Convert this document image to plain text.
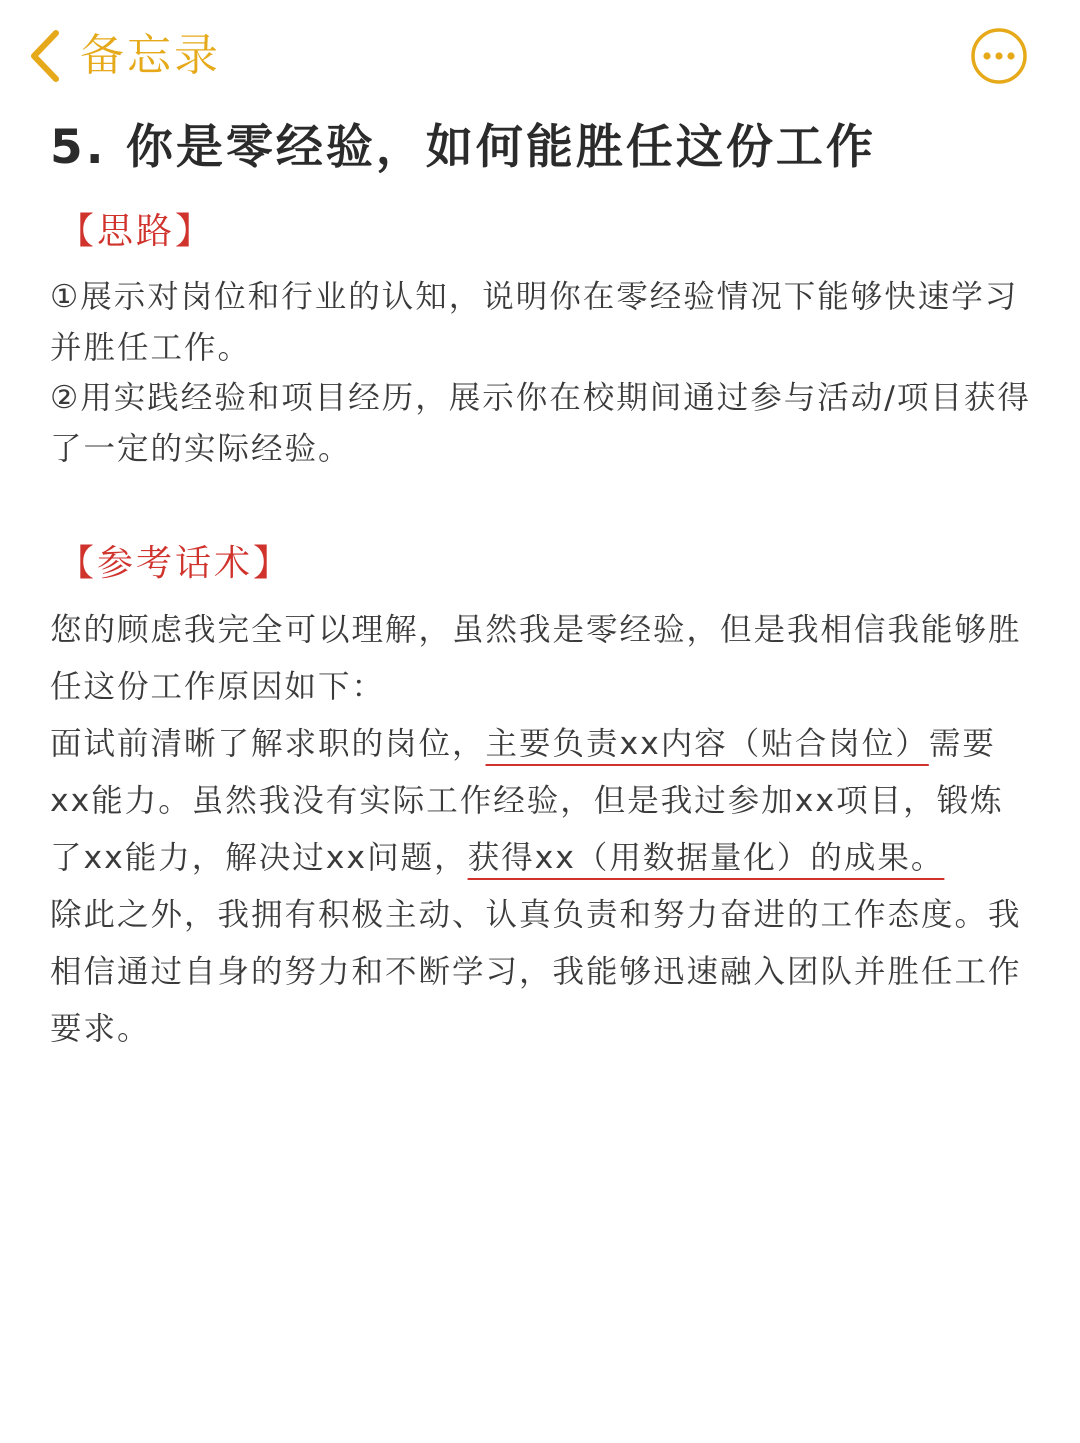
备忘录
5. 你是零经验，如何能胜任这份工作
【思路】

①展示对岗位和行业的认知，说明你在零经验情况下能够快速学习并胜任工作。

②用实践经验和项目经历，展示你在校期间通过参与活动/项目获得了一定的实际经验。

【参考话术】

您的顾虑我完全可以理解，虽然我是零经验，但是我相信我能够胜任这份工作原因如下：

面试前清晰了解求职的岗位，主要负责xx内容（贴合岗位）需要xx能力。虽然我没有实际工作经验，但是我过参加xx项目，锻炼了xx能力，解决过xx问题，获得xx（用数据量化）的成果。

除此之外，我拥有积极主动、认真负责和努力奋进的工作态度。我相信通过自身的努力和不断学习，我能够迅速融入团队并胜任工作要求。
